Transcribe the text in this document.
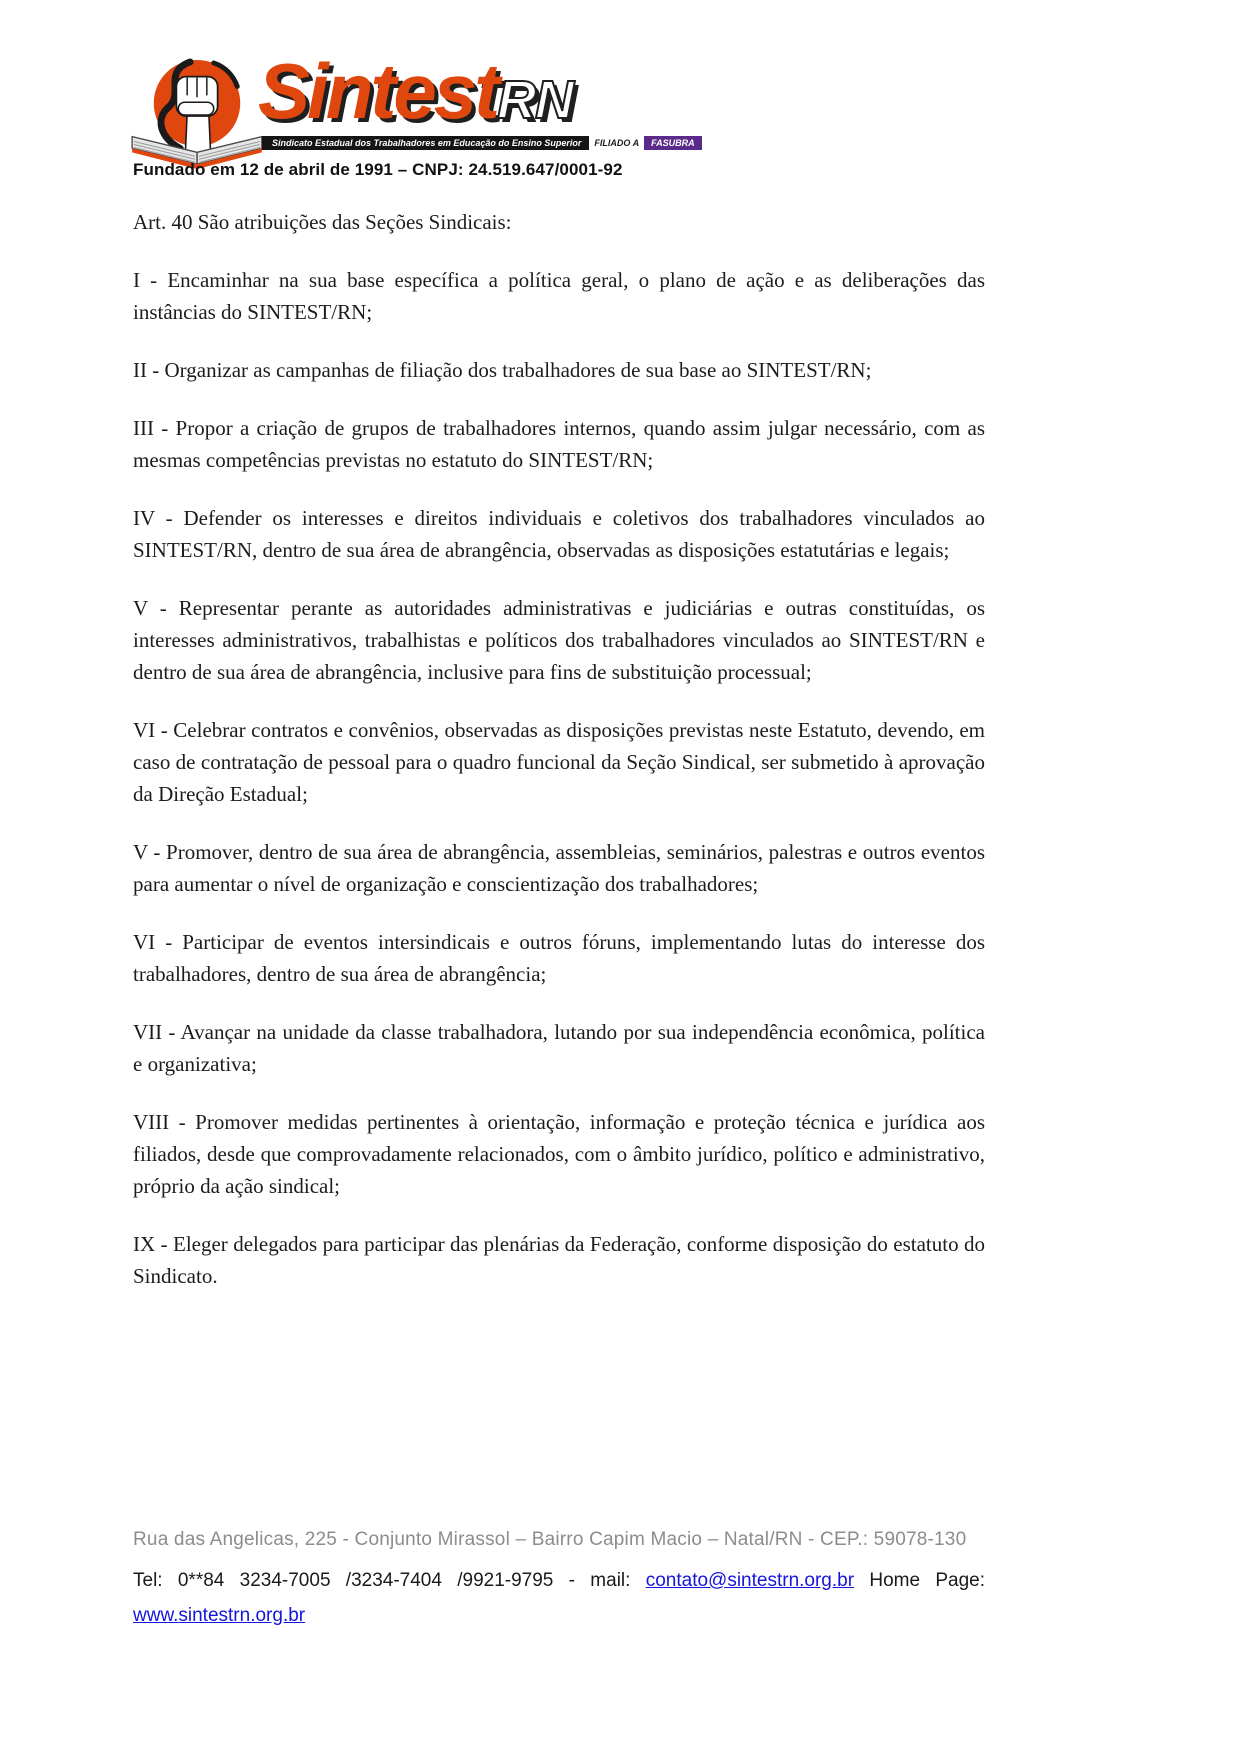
SintestRN
Sindicato Estadual dos Trabalhadores em Educação do Ensino Superior	FILIADO A	FASUBRA
Fundado em 12 de abril de 1991 – CNPJ: 24.519.647/0001-92

Art. 40 São atribuições das Seções Sindicais:

I - Encaminhar na sua base específica a política geral, o plano de ação e as deliberações das instâncias do SINTEST/RN;

II - Organizar as campanhas de filiação dos trabalhadores de sua base ao SINTEST/RN;

III - Propor a criação de grupos de trabalhadores internos, quando assim julgar necessário, com as mesmas competências previstas no estatuto do SINTEST/RN;

IV - Defender os interesses e direitos individuais e coletivos dos trabalhadores vinculados ao SINTEST/RN, dentro de sua área de abrangência, observadas as disposições estatutárias e legais;

V - Representar perante as autoridades administrativas e judiciárias e outras constituídas, os interesses administrativos, trabalhistas e políticos dos trabalhadores vinculados ao SINTEST/RN e dentro de sua área de abrangência, inclusive para fins de substituição processual;

VI - Celebrar contratos e convênios, observadas as disposições previstas neste Estatuto, devendo, em caso de contratação de pessoal para o quadro funcional da Seção Sindical, ser submetido à aprovação da Direção Estadual;

V - Promover, dentro de sua área de abrangência, assembleias, seminários, palestras e outros eventos para aumentar o nível de organização e conscientização dos trabalhadores;

VI - Participar de eventos intersindicais e outros fóruns, implementando lutas do interesse dos trabalhadores, dentro de sua área de abrangência;

VII - Avançar na unidade da classe trabalhadora, lutando por sua independência econômica, política e organizativa;

VIII - Promover medidas pertinentes à orientação, informação e proteção técnica e jurídica aos filiados, desde que comprovadamente relacionados, com o âmbito jurídico, político e administrativo, próprio da ação sindical;

IX - Eleger delegados para participar das plenárias da Federação, conforme disposição do estatuto do Sindicato.

Rua das Angelicas, 225 - Conjunto Mirassol – Bairro Capim Macio – Natal/RN - CEP.: 59078-130

Tel: 0**84 3234-7005 /3234-7404 /9921-9795 - mail: contato@sintestrn.org.br Home Page: www.sintestrn.org.br
